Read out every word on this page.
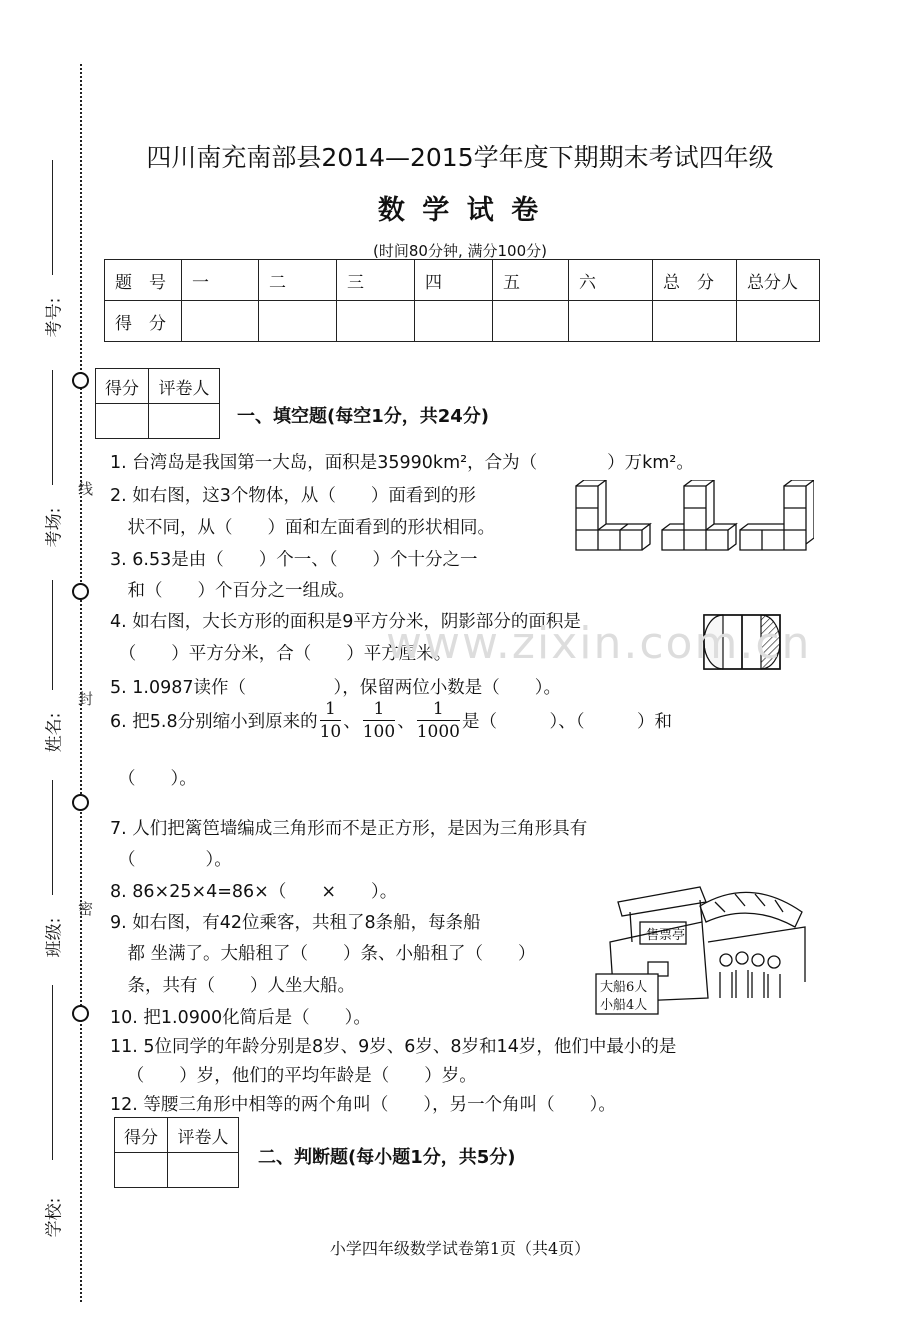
考号:
考场:
姓名:
班级:
学校:
线
封
密
四川南充南部县2014—2015学年度下期期末考试四年级
数 学 试 卷
(时间80分钟, 满分100分)
题　号	一	二	三	四	五	六	总　分	总分人
得　分								
得分	评卷人

一、填空题(每空1分，共24分)
1. 台湾岛是我国第一大岛，面积是35990km²，合为（　　　　）万km²。
2. 如右图，这3个物体，从（　　）面看到的形
　状不同，从（　　）面和左面看到的形状相同。
3. 6.53是由（　　）个一、（　　）个十分之一
　和（　　）个百分之一组成。
4. 如右图，大长方形的面积是9平方分米，阴影部分的面积是
　（　　）平方分米，合（　　）平方厘米。
5. 1.0987读作（　　　　　），保留两位小数是（　　）。
6. 把5.8分别缩小到原来的 $\frac{1}{10}$ 、 $\frac{1}{100}$ 、 $\frac{1}{1000}$ 是（　　　）、（　　　）和
（　　）。
7. 人们把篱笆墙编成三角形而不是正方形，是因为三角形具有
（　　　　）。
8. 86×25×4=86×（　　×　　）。
9. 如右图，有42位乘客，共租了8条船，每条船
　都 坐满了。大船租了（　　）条、小船租了（　　）
　条，共有（　　）人坐大船。
10. 把1.0900化简后是（　　）。
11. 5位同学的年龄分别是8岁、9岁、6岁、8岁和14岁，他们中最小的是
　（　　）岁，他们的平均年龄是（　　）岁。
12. 等腰三角形中相等的两个角叫（　　），另一个角叫（　　）。
售票亭
大船6人
小船4人
www.zixin.com.cn
得分	评卷人

二、判断题(每小题1分，共5分)
小学四年级数学试卷第1页（共4页）
